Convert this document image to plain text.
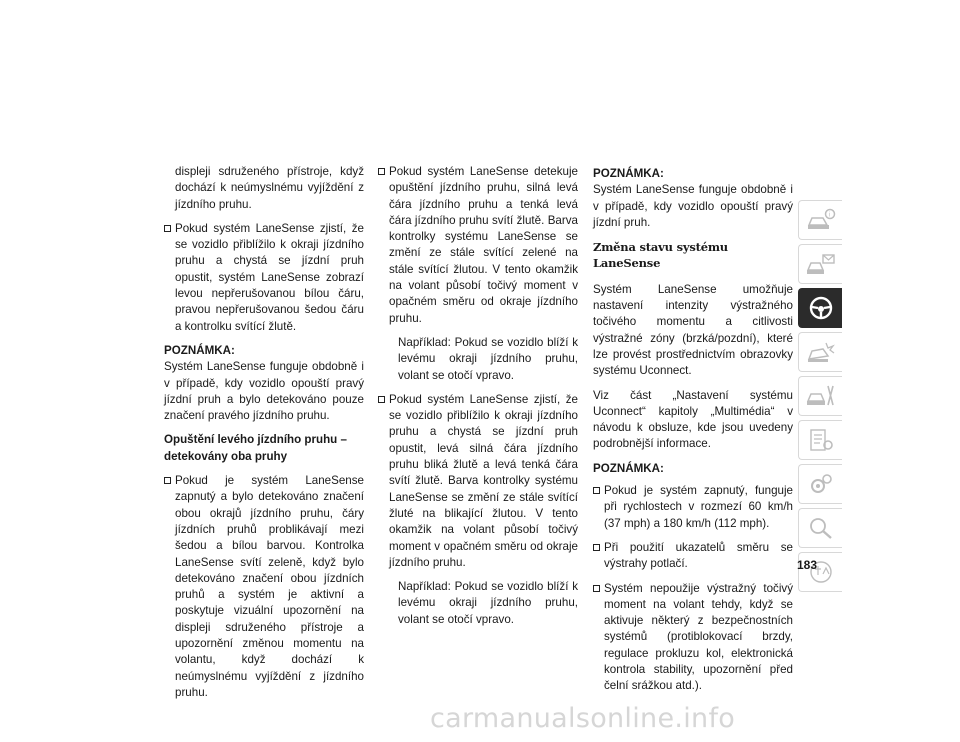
displeji sdruženého přístroje, když dochází k neúmyslnému vyjíždění z jízdního pruhu.
Pokud systém LaneSense zjistí, že se vozidlo přiblížilo k okraji jízdního pruhu a chystá se jízdní pruh opustit, systém LaneSense zobrazí levou nepřerušovanou bílou čáru, pravou nepřerušovanou šedou čáru a kontrolku svítící žlutě.
POZNÁMKA:
Systém LaneSense funguje obdobně i v případě, kdy vozidlo opouští pravý jízdní pruh a bylo detekováno pouze značení pravého jízdního pruhu.
Opuštění levého jízdního pruhu – detekovány oba pruhy
Pokud je systém LaneSense zapnutý a bylo detekováno značení obou okrajů jízdního pruhu, čáry jízdních pruhů problikávají mezi šedou a bílou barvou. Kontrolka LaneSense svítí zeleně, když bylo detekováno značení obou jízdních pruhů a systém je aktivní a poskytuje vizuální upozornění na displeji sdruženého přístroje a upozornění změnou momentu na volantu, když dochází k neúmyslnému vyjíždění z jízdního pruhu.
Pokud systém LaneSense detekuje opuštění jízdního pruhu, silná levá čára jízdního pruhu a tenká levá čára jízdního pruhu svítí žlutě. Barva kontrolky systému LaneSense se změní ze stále svítící zelené na stále svítící žlutou. V tento okamžik na volant působí točivý moment v opačném směru od okraje jízdního pruhu.
Například: Pokud se vozidlo blíží k levému okraji jízdního pruhu, volant se otočí vpravo.
Pokud systém LaneSense zjistí, že se vozidlo přiblížilo k okraji jízdního pruhu a chystá se jízdní pruh opustit, levá silná čára jízdního pruhu bliká žlutě a levá tenká čára svítí žlutě. Barva kontrolky systému LaneSense se změní ze stále svítící žluté na blikající žlutou. V tento okamžik na volant působí točivý moment v opačném směru od okraje jízdního pruhu.
Například: Pokud se vozidlo blíží k levému okraji jízdního pruhu, volant se otočí vpravo.
POZNÁMKA:
Systém LaneSense funguje obdobně i v případě, kdy vozidlo opouští pravý jízdní pruh.
Změna stavu systému LaneSense
Systém LaneSense umožňuje nastavení intenzity výstražného točivého momentu a citlivosti výstražné zóny (brzká/pozdní), které lze provést prostřednictvím obrazovky systému Uconnect.
Viz část „Nastavení systému Uconnect“ kapitoly „Multimédia“ v návodu k obsluze, kde jsou uvedeny podrobnější informace.
POZNÁMKA:
Pokud je systém zapnutý, funguje při rychlostech v rozmezí 60 km/h (37 mph) a 180 km/h (112 mph).
Při použití ukazatelů směru se výstrahy potlačí.
Systém nepoužije výstražný točivý moment na volant tehdy, když se aktivuje některý z bezpečnostních systémů (protiblokovací brzdy, regulace prokluzu kol, elektronická kontrola stability, upozornění před čelní srážkou atd.).
i
183
carmanualsonline.info
